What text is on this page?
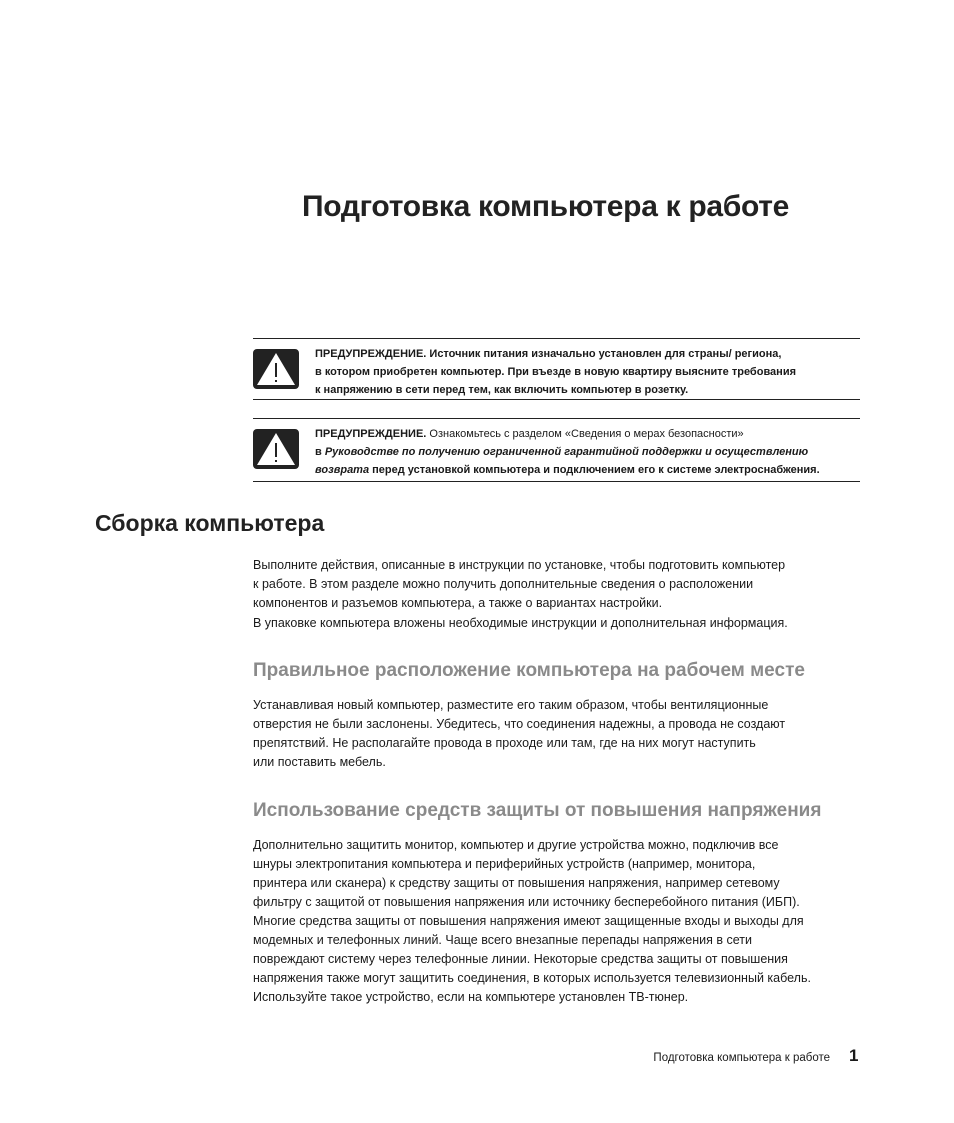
Подготовка компьютера к работе
ПРЕДУПРЕЖДЕНИЕ. Источник питания изначально установлен для страны/ региона,
в котором приобретен компьютер. При въезде в новую квартиру выясните требования
к напряжению в сети перед тем, как включить компьютер в розетку.
ПРЕДУПРЕЖДЕНИЕ. Ознакомьтесь с разделом «Сведения о мерах безопасности»
в Руководстве по получению ограниченной гарантийной поддержки и осуществлению
возврата перед установкой компьютера и подключением его к системе электроснабжения.
Сборка компьютера
Выполните действия, описанные в инструкции по установке, чтобы подготовить компьютер
к работе. В этом разделе можно получить дополнительные сведения о расположении
компонентов и разъемов компьютера, а также о вариантах настройки.
В упаковке компьютера вложены необходимые инструкции и дополнительная информация.
Правильное расположение компьютера на рабочем месте
Устанавливая новый компьютер, разместите его таким образом, чтобы вентиляционные
отверстия не были заслонены. Убедитесь, что соединения надежны, а провода не создают
препятствий. Не располагайте провода в проходе или там, где на них могут наступить
или поставить мебель.
Использование средств защиты от повышения напряжения
Дополнительно защитить монитор, компьютер и другие устройства можно, подключив все
шнуры электропитания компьютера и периферийных устройств (например, монитора,
принтера или сканера) к средству защиты от повышения напряжения, например сетевому
фильтру с защитой от повышения напряжения или источнику бесперебойного питания (ИБП).
Многие средства защиты от повышения напряжения имеют защищенные входы и выходы для
модемных и телефонных линий. Чаще всего внезапные перепады напряжения в сети
повреждают систему через телефонные линии. Некоторые средства защиты от повышения
напряжения также могут защитить соединения, в которых используется телевизионный кабель.
Используйте такое устройство, если на компьютере установлен ТВ-тюнер.
Подготовка компьютера к работе 1
